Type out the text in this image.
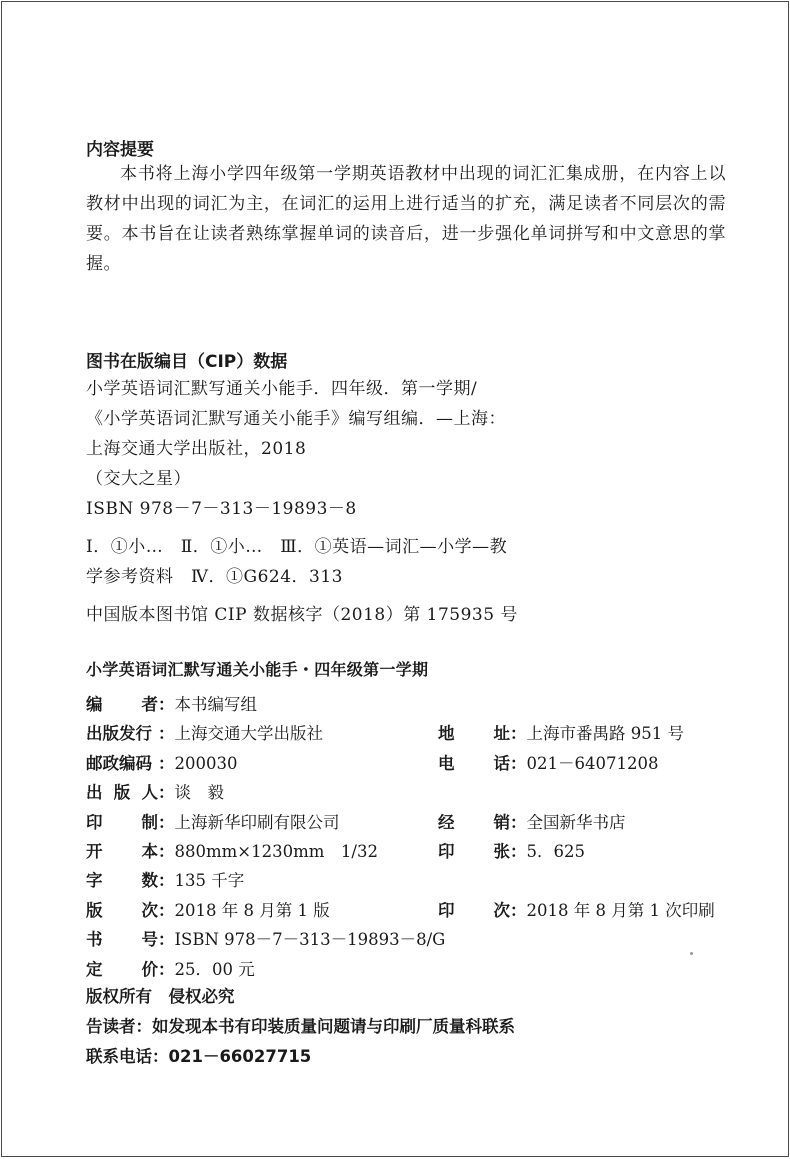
内容提要

本书将上海小学四年级第一学期英语教材中出现的词汇汇集成册，在内容上以教材中出现的词汇为主，在词汇的运用上进行适当的扩充，满足读者不同层次的需要。本书旨在让读者熟练掌握单词的读音后，进一步强化单词拼写和中文意思的掌握。

图书在版编目（CIP）数据
小学英语词汇默写通关小能手．四年级．第一学期/
《小学英语词汇默写通关小能手》编写组编．—上海：
上海交通大学出版社，2018
（交大之星）
ISBN 978－7－313－19893－8
Ⅰ．①小…　Ⅱ．①小…　Ⅲ．①英语—词汇—小学—教
学参考资料　Ⅳ．①G624．313
中国版本图书馆 CIP 数据核字（2018）第 175935 号
小学英语词汇默写通关小能手・四年级第一学期
编 者 ： 本书编写组
出版发行 ： 上海交通大学出版社	地 址 ： 上海市番禺路 951 号
邮政编码 ： 200030	电 话 ： 021－64071208
出 版 人 ： 谈　毅
印 制 ： 上海新华印刷有限公司	经 销 ： 全国新华书店
开 本 ： 880mm×1230mm　1/32	印 张 ： 5．625
字 数 ： 135 千字
版 次 ： 2018 年 8 月第 1 版	印 次 ： 2018 年 8 月第 1 次印刷
书 号 ： ISBN 978－7－313－19893－8/G
定 价 ： 25．00 元
版权所有　侵权必究
告读者：如发现本书有印装质量问题请与印刷厂质量科联系
联系电话：021－66027715
